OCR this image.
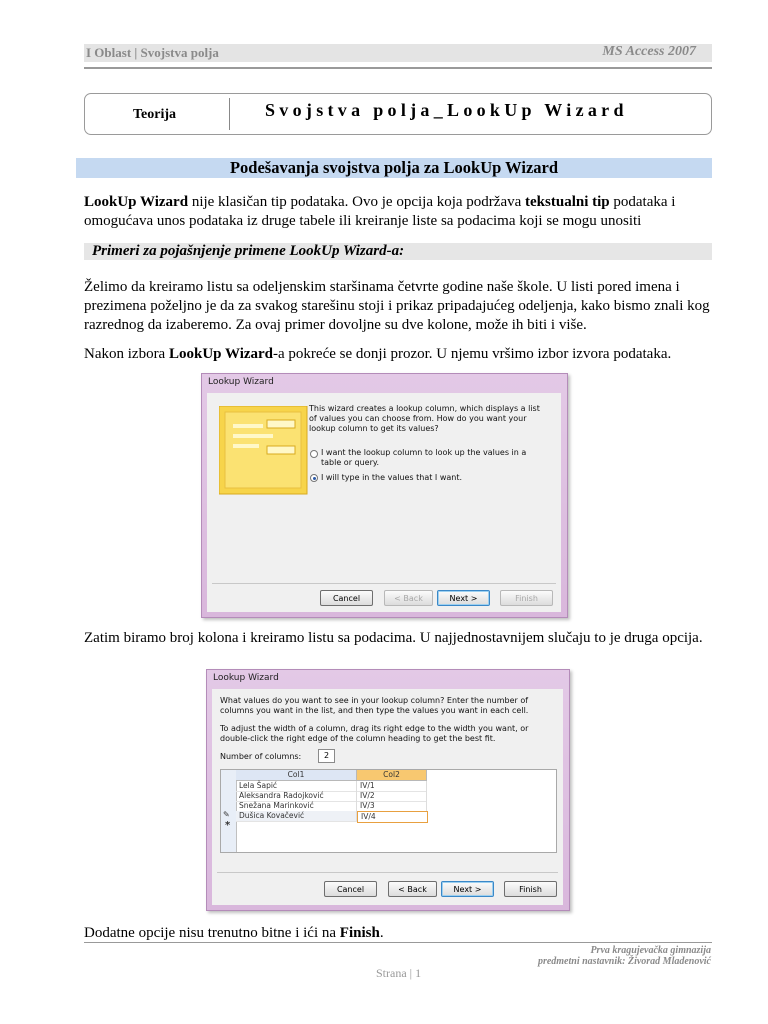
I Oblast | Svojstva polja	MS Access 2007
Teorija	Svojstva polja_LookUp Wizard
Podešavanja svojstva polja za LookUp Wizard
LookUp Wizard nije klasičan tip podataka. Ovo je opcija koja podržava tekstualni tip podataka i omogućava unos podataka iz druge tabele ili kreiranje liste sa podacima koji se mogu unositi
Primeri za pojašnjenje primene LookUp Wizard-a:
Želimo da kreiramo listu sa odeljenskim staršinama četvrte godine naše škole. U listi pored imena i prezimena poželjno je da za svakog starešinu stoji i prikaz pripadajućeg odeljenja, kako bismo znali kog razrednog da izaberemo. Za ovaj primer dovoljne su dve kolone, može ih biti i više.
Nakon izbora LookUp Wizard-a pokreće se donji prozor. U njemu vršimo izbor izvora podataka.
Lookup Wizard
This wizard creates a lookup column, which displays a list of values you can choose from. How do you want your lookup column to get its values?
I want the lookup column to look up the values in a table or query.
I will type in the values that I want.
Cancel	< Back	Next >	Finish
Zatim biramo broj kolona i kreiramo listu sa podacima. U najjednostavnijem slučaju to je druga opcija.
Lookup Wizard
What values do you want to see in your lookup column? Enter the number of columns you want in the list, and then type the values you want in each cell.
To adjust the width of a column, drag its right edge to the width you want, or double-click the right edge of the column heading to get the best fit.
Number of columns:	2
Col1	Col2
Lela Šapić	IV/1
Aleksandra Radojković	IV/2
Snežana Marinković	IV/3
✎	Dušica Kovačević	IV/4
*
Cancel	< Back	Next >	Finish
Dodatne opcije nisu trenutno bitne i ići na Finish.
Prva kragujevačka gimnazija
predmetni nastavnik: Živorad Mladenović
Strana | 1
